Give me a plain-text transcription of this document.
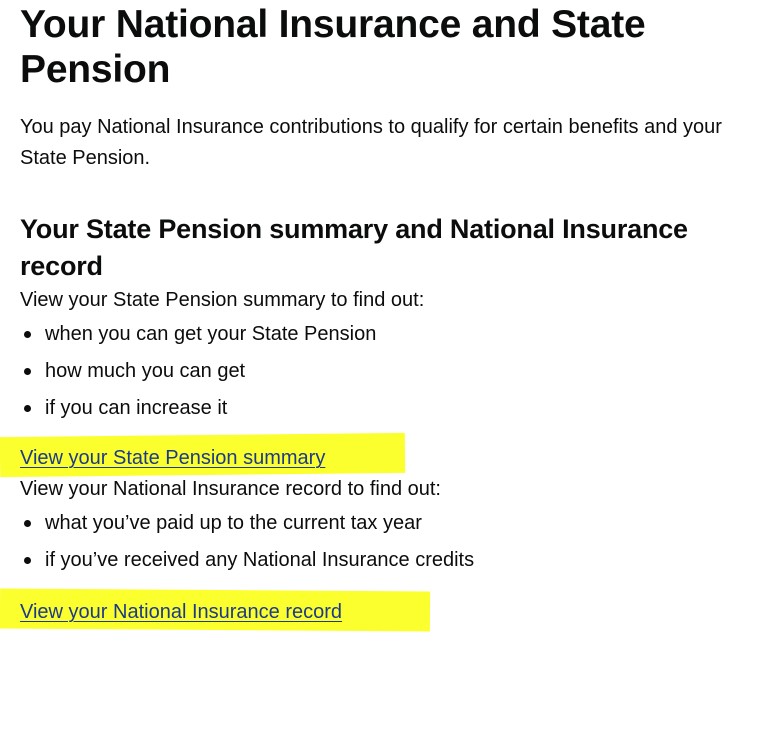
Your National Insurance and State Pension

You pay National Insurance contributions to qualify for certain benefits and your State Pension.

Your State Pension summary and National Insurance record

View your State Pension summary to find out:

when you can get your State Pension
how much you can get
if you can increase it
View your State Pension summary

View your National Insurance record to find out:

what you’ve paid up to the current tax year
if you’ve received any National Insurance credits
View your National Insurance record
